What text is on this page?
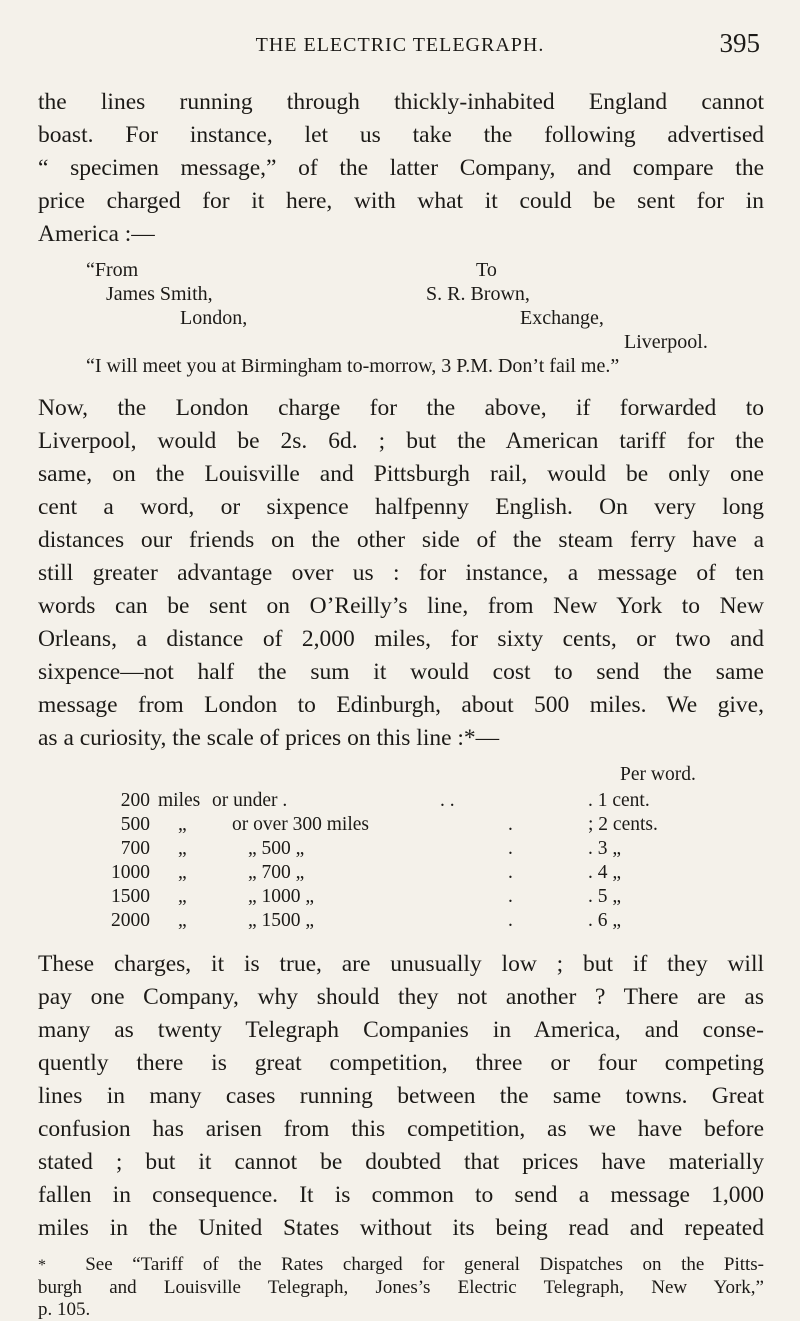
THE ELECTRIC TELEGRAPH.	395
the lines running through thickly-inhabited England cannot
boast. For instance, let us take the following advertised
“ specimen message,” of the latter Company, and compare the
price charged for it here, with what it could be sent for in
America :—
“From
James Smith,
London,
To
S. R. Brown,
Exchange,
Liverpool.
“I will meet you at Birmingham to-morrow, 3 P.M. Don’t fail me.”
Now, the London charge for the above, if forwarded to
Liverpool, would be 2s. 6d. ; but the American tariff for the
same, on the Louisville and Pittsburgh rail, would be only one
cent a word, or sixpence halfpenny English. On very long
distances our friends on the other side of the steam ferry have a
still greater advantage over us : for instance, a message of ten
words can be sent on O’Reilly’s line, from New York to New
Orleans, a distance of 2,000 miles, for sixty cents, or two and
sixpence—not half the sum it would cost to send the same
message from London to Edinburgh, about 500 miles. We give,
as a curiosity, the scale of prices on this line :*—
Per word.
200 miles or under .	. .	. 1 cent.
500 „ or over 300 miles	.	; 2 cents.
700 „	„ 500 „	.	. 3 „
1000 „	„ 700 „	.	. 4 „
1500 „	„ 1000 „	.	. 5 „
2000 „	„ 1500 „	.	. 6 „
These charges, it is true, are unusually low ; but if they will
pay one Company, why should they not another ? There are as
many as twenty Telegraph Companies in America, and conse-
quently there is great competition, three or four competing
lines in many cases running between the same towns. Great
confusion has arisen from this competition, as we have before
stated ; but it cannot be doubted that prices have materially
fallen in consequence. It is common to send a message 1,000
miles in the United States without its being read and repeated
* See “Tariff of the Rates charged for general Dispatches on the Pitts-
burgh and Louisville Telegraph, Jones’s Electric Telegraph, New York,”
p. 105.
